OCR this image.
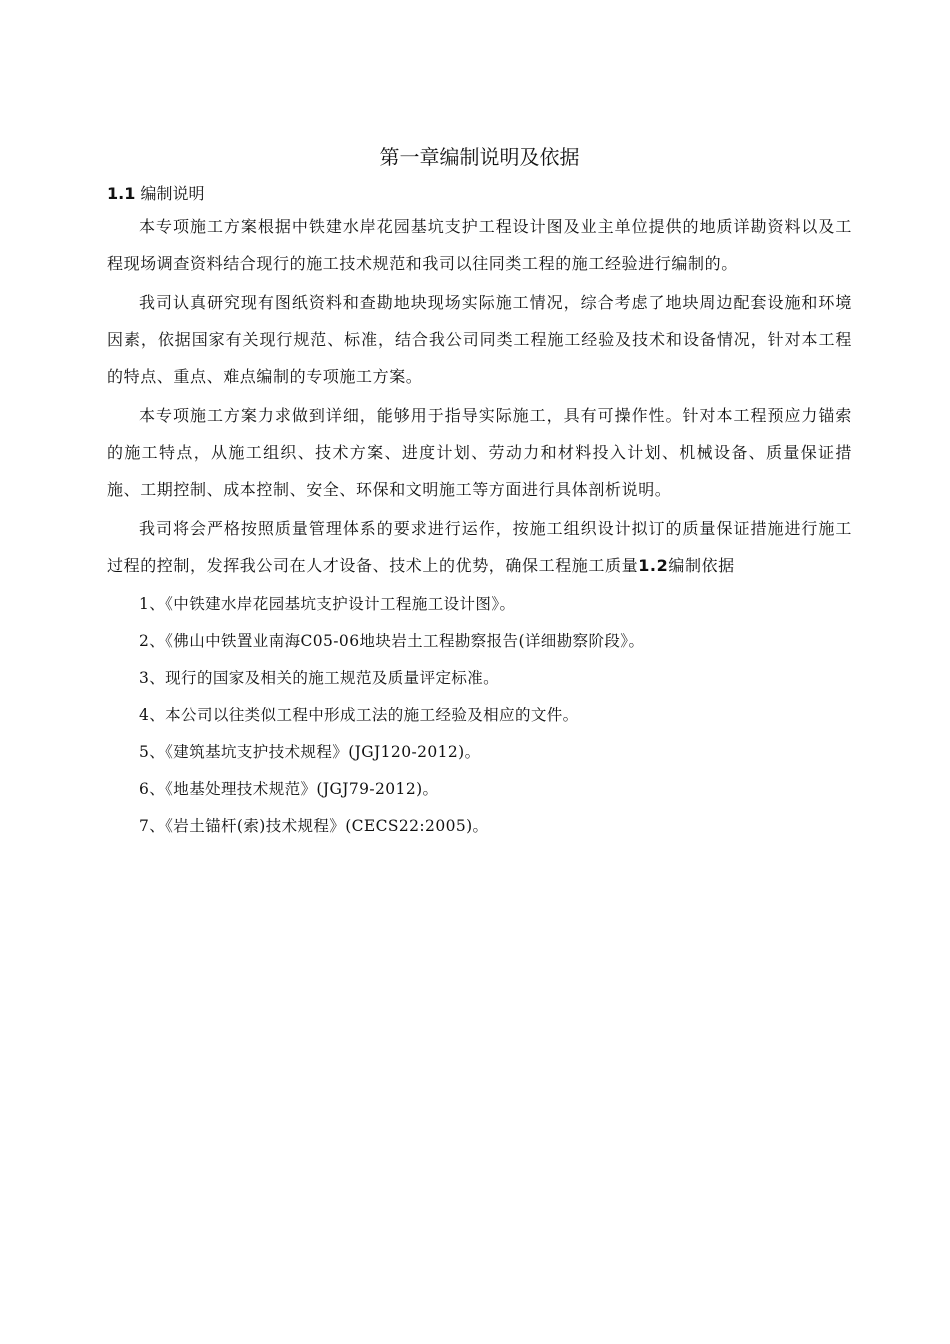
第一章编制说明及依据
1.1 编制说明

本专项施工方案根据中铁建水岸花园基坑支护工程设计图及业主单位提供的地质详勘资料以及工程现场调查资料结合现行的施工技术规范和我司以往同类工程的施工经验进行编制的。

我司认真研究现有图纸资料和查勘地块现场实际施工情况，综合考虑了地块周边配套设施和环境因素，依据国家有关现行规范、标准，结合我公司同类工程施工经验及技术和设备情况，针对本工程的特点、重点、难点编制的专项施工方案。

本专项施工方案力求做到详细，能够用于指导实际施工，具有可操作性。针对本工程预应力锚索的施工特点，从施工组织、技术方案、进度计划、劳动力和材料投入计划、机械设备、质量保证措施、工期控制、成本控制、安全、环保和文明施工等方面进行具体剖析说明。

我司将会严格按照质量管理体系的要求进行运作，按施工组织设计拟订的质量保证措施进行施工过程的控制，发挥我公司在人才设备、技术上的优势，确保工程施工质量1.2编制依据

1、《中铁建水岸花园基坑支护设计工程施工设计图》。
2、《佛山中铁置业南海C05-06地块岩土工程勘察报告(详细勘察阶段》。
3、现行的国家及相关的施工规范及质量评定标准。
4、本公司以往类似工程中形成工法的施工经验及相应的文件。
5、《建筑基坑支护技术规程》(JGJ120-2012)。
6、《地基处理技术规范》(JGJ79-2012)。
7、《岩土锚杆(索)技术规程》(CECS22:2005)。
